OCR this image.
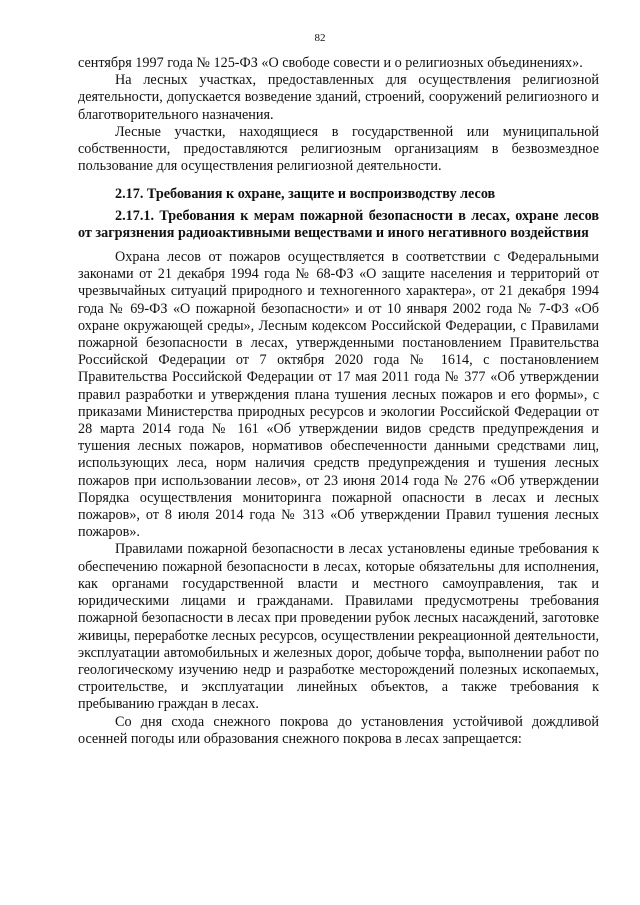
82

сентября 1997 года № 125-ФЗ «О свободе совести и о религиозных объединениях».

На лесных участках, предоставленных для осуществления религиозной деятельности, допускается возведение зданий, строений, сооружений религиозного и благотворительного назначения.

Лесные участки, находящиеся в государственной или муниципальной собственности, предоставляются религиозным организациям в безвозмездное пользование для осуществления религиозной деятельности.

2.17. Требования к охране, защите и воспроизводству лесов
2.17.1. Требования к мерам пожарной безопасности в лесах, охране лесов от загрязнения радиоактивными веществами и иного негативного воздействия

Охрана лесов от пожаров осуществляется в соответствии с Федеральными законами от 21 декабря 1994 года № 68-ФЗ «О защите населения и территорий от чрезвычайных ситуаций природного и техногенного характера», от 21 декабря 1994 года № 69-ФЗ «О пожарной безопасности» и от 10 января 2002 года № 7-ФЗ «Об охране окружающей среды», Лесным кодексом Российской Федерации, с Правилами пожарной безопасности в лесах, утвержденными постановлением Правительства Российской Федерации от 7 октября 2020 года № 1614, с постановлением Правительства Российской Федерации от 17 мая 2011 года № 377 «Об утверждении правил разработки и утверждения плана тушения лесных пожаров и его формы», с приказами Министерства природных ресурсов и экологии Российской Федерации от 28 марта 2014 года № 161 «Об утверждении видов средств предупреждения и тушения лесных пожаров, нормативов обеспеченности данными средствами лиц, использующих леса, норм наличия средств предупреждения и тушения лесных пожаров при использовании лесов», от 23 июня 2014 года № 276 «Об утверждении Порядка осуществления мониторинга пожарной опасности в лесах и лесных пожаров», от 8 июля 2014 года № 313 «Об утверждении Правил тушения лесных пожаров».

Правилами пожарной безопасности в лесах установлены единые требования к обеспечению пожарной безопасности в лесах, которые обязательны для исполнения, как органами государственной власти и местного самоуправления, так и юридическими лицами и гражданами. Правилами предусмотрены требования пожарной безопасности в лесах при проведении рубок лесных насаждений, заготовке живицы, переработке лесных ресурсов, осуществлении рекреационной деятельности, эксплуатации автомобильных и железных дорог, добыче торфа, выполнении работ по геологическому изучению недр и разработке месторождений полезных ископаемых, строительстве, и эксплуатации линейных объектов, а также требования к пребыванию граждан в лесах.

Со дня схода снежного покрова до установления устойчивой дождливой осенней погоды или образования снежного покрова в лесах запрещается:
